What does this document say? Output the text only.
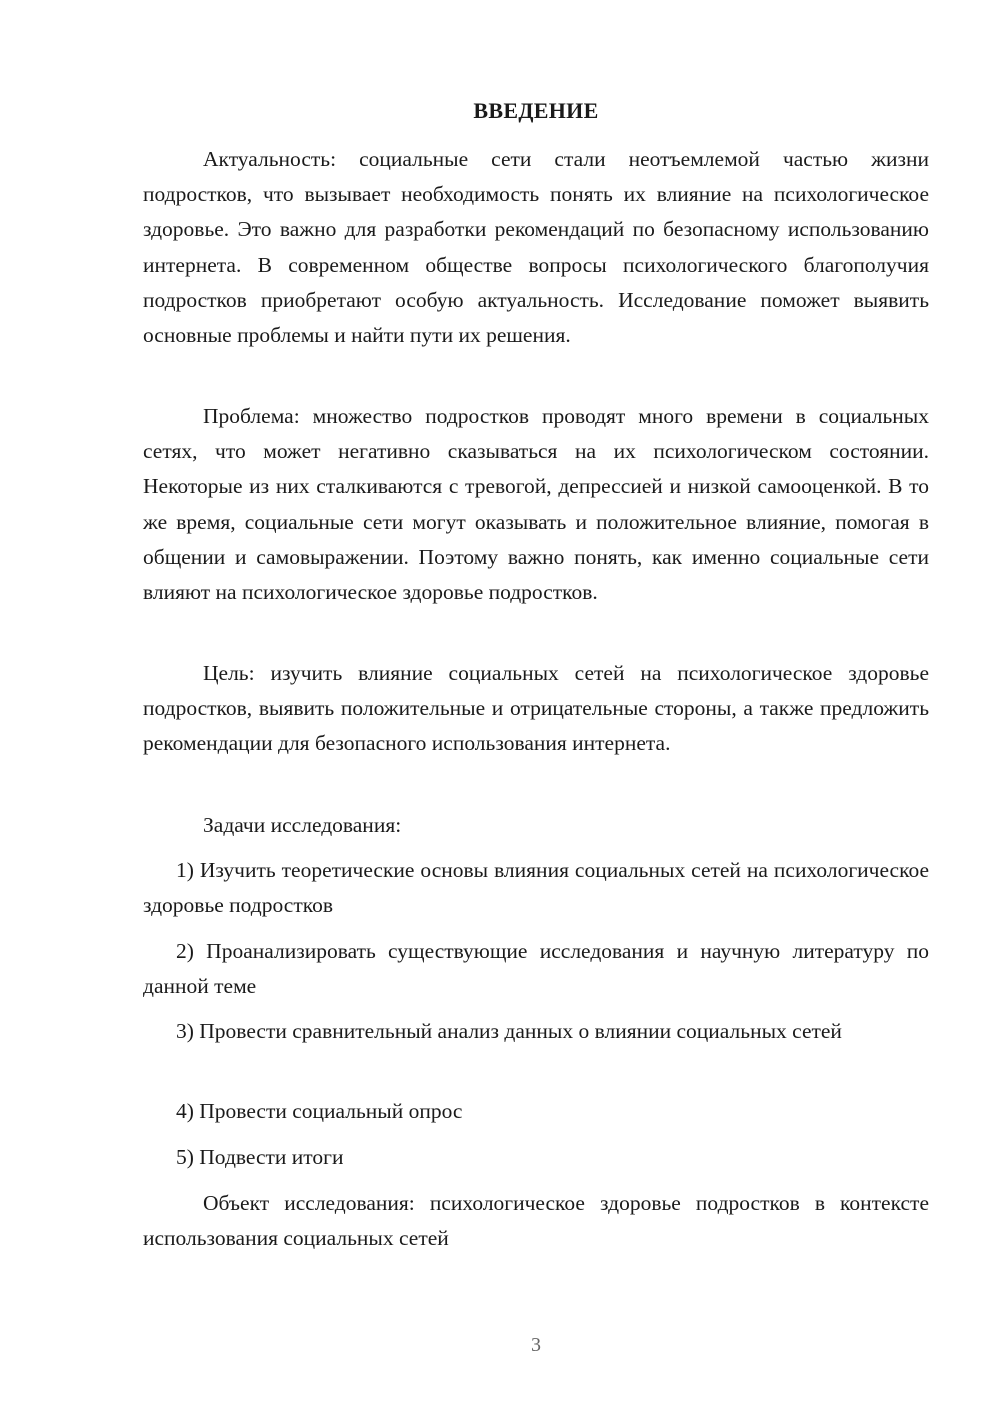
ВВЕДЕНИЕ

Актуальность: социальные сети стали неотъемлемой частью жизни подростков, что вызывает необходимость понять их влияние на психологическое здоровье. Это важно для разработки рекомендаций по безопасному использованию интернета. В современном обществе вопросы психологического благополучия подростков приобретают особую актуальность. Исследование поможет выявить основные проблемы и найти пути их решения.

Проблема: множество подростков проводят много времени в социальных сетях, что может негативно сказываться на их психологическом состоянии. Некоторые из них сталкиваются с тревогой, депрессией и низкой самооценкой. В то же время, социальные сети могут оказывать и положительное влияние, помогая в общении и самовыражении. Поэтому важно понять, как именно социальные сети влияют на психологическое здоровье подростков.

Цель: изучить влияние социальных сетей на психологическое здоровье подростков, выявить положительные и отрицательные стороны, а также предложить рекомендации для безопасного использования интернета.

Задачи исследования:

1) Изучить теоретические основы влияния социальных сетей на психологическое здоровье подростков

2) Проанализировать существующие исследования и научную литературу по данной теме

3) Провести сравнительный анализ данных о влиянии социальных сетей

4) Провести социальный опрос

5) Подвести итоги

Объект исследования: психологическое здоровье подростков в контексте использования социальных сетей

3
